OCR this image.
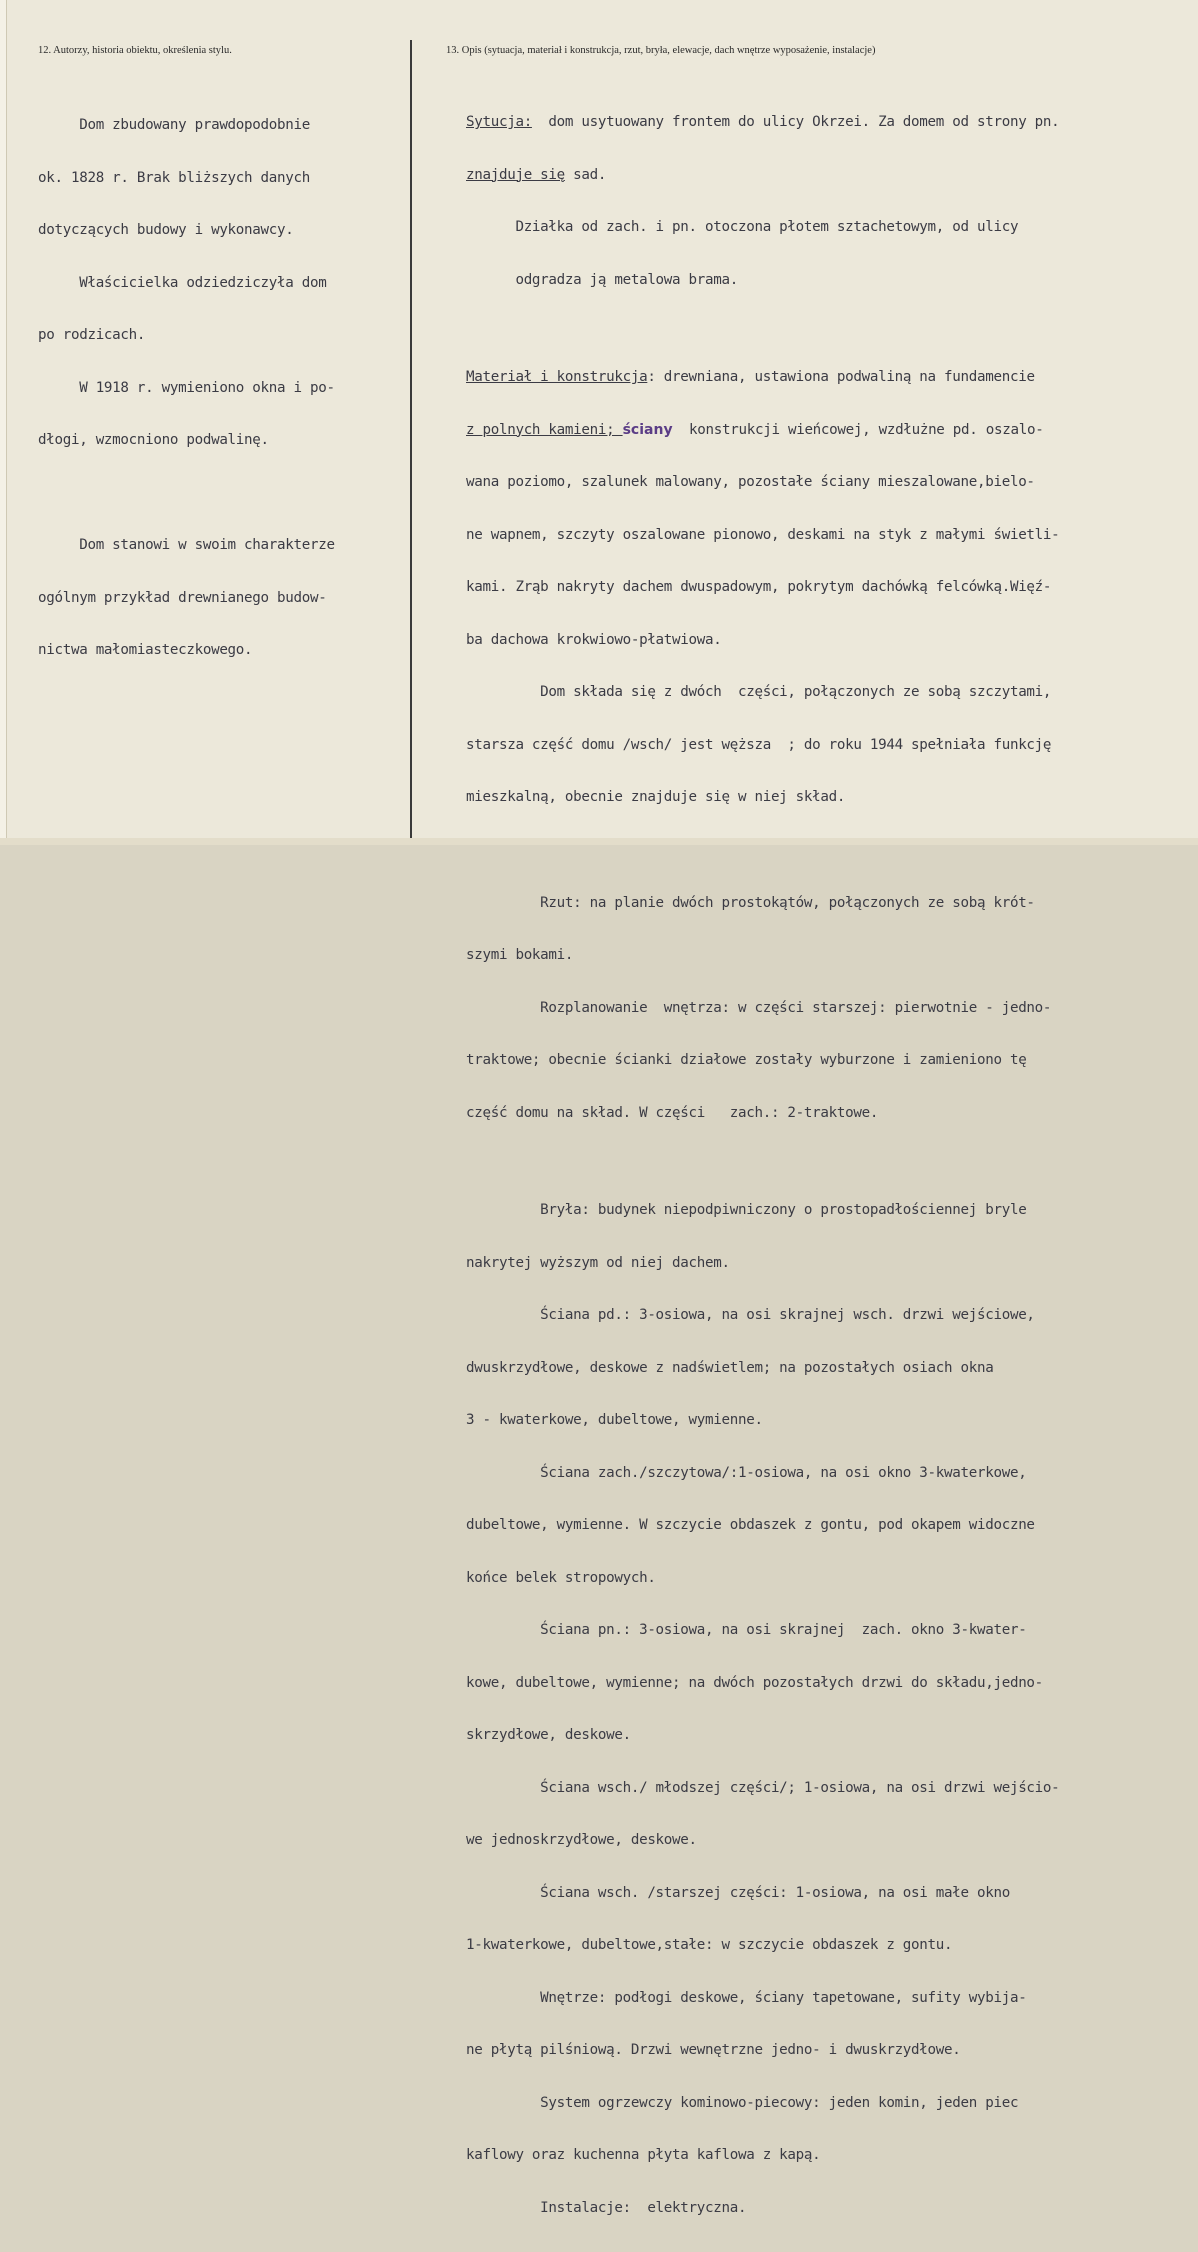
12. Autorzy, historia obiektu, określenia stylu.	13. Opis (sytuacja, materiał i konstrukcja, rzut, bryła, elewacje, dach wnętrze wyposażenie, instalacje)

Dom zbudowany prawdopodobnie

ok. 1828 r. Brak bliższych danych

dotyczących budowy i wykonawcy.

Właścicielka odziedziczyła dom

po rodzicach.

W 1918 r. wymieniono okna i po-

dłogi, wzmocniono podwalinę.

Dom stanowi w swoim charakterze

ogólnym przykład drewnianego budow-

nictwa małomiasteczkowego.

Sytucja:  dom usytuowany frontem do ulicy Okrzei. Za domem od strony pn.

znajduje się sad.

Działka od zach. i pn. otoczona płotem sztachetowym, od ulicy

odgradza ją metalowa brama.

Materiał i konstrukcja: drewniana, ustawiona podwaliną na fundamencie

z polnych kamieni; ściany  konstrukcji wieńcowej, wzdłużne pd. oszalo-

wana poziomo, szalunek malowany, pozostałe ściany mieszalowane,bielo-

ne wapnem, szczyty oszalowane pionowo, deskami na styk z małymi świetli-

kami. Zrąb nakryty dachem dwuspadowym, pokrytym dachówką felcówką.Więź-

ba dachowa krokwiowo-płatwiowa.

Dom składa się z dwóch  części, połączonych ze sobą szczytami,

starsza część domu /wsch/ jest węższa  ; do roku 1944 spełniała funkcję

mieszkalną, obecnie znajduje się w niej skład.

Rzut: na planie dwóch prostokątów, połączonych ze sobą krót-

szymi bokami.

Rozplanowanie  wnętrza: w części starszej: pierwotnie - jedno-

traktowe; obecnie ścianki działowe zostały wyburzone i zamieniono tę

część domu na skład. W części   zach.: 2-traktowe.

Bryła: budynek niepodpiwniczony o prostopadłościennej bryle

nakrytej wyższym od niej dachem.

Ściana pd.: 3-osiowa, na osi skrajnej wsch. drzwi wejściowe,

dwuskrzydłowe, deskowe z nadświetlem; na pozostałych osiach okna

3 - kwaterkowe, dubeltowe, wymienne.

Ściana zach./szczytowa/:1-osiowa, na osi okno 3-kwaterkowe,

dubeltowe, wymienne. W szczycie obdaszek z gontu, pod okapem widoczne

końce belek stropowych.

Ściana pn.: 3-osiowa, na osi skrajnej  zach. okno 3-kwater-

kowe, dubeltowe, wymienne; na dwóch pozostałych drzwi do składu,jedno-

skrzydłowe, deskowe.

Ściana wsch./ młodszej części/; 1-osiowa, na osi drzwi wejścio-

we jednoskrzydłowe, deskowe.

Ściana wsch. /starszej części: 1-osiowa, na osi małe okno

1-kwaterkowe, dubeltowe,stałe: w szczycie obdaszek z gontu.

Wnętrze: podłogi deskowe, ściany tapetowane, sufity wybija-

ne płytą pilśniową. Drzwi wewnętrzne jedno- i dwuskrzydłowe.

System ogrzewczy kominowo-piecowy: jeden komin, jeden piec

kaflowy oraz kuchenna płyta kaflowa z kapą.

Instalacje:  elektryczna.
